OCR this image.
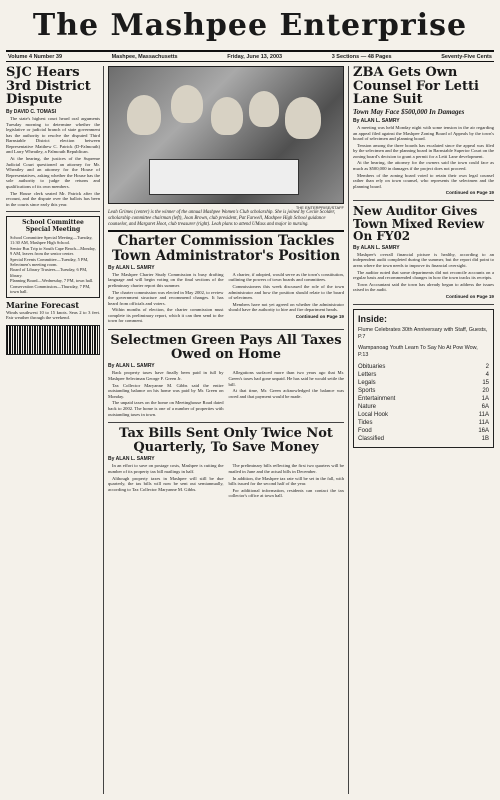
The Mashpee Enterprise
Volume 4 Number 39	Mashpee, Massachusetts	Friday, June 13, 2003	3 Sections — 48 Pages	Seventy-Five Cents
SJC Hears 3rd District Dispute
By DAVID C. TOMASI

The state's highest court heard oral arguments Tuesday morning to determine whether the legislative or judicial branch of state government has the authority to resolve the disputed Third Barnstable District election between Representative Matthew C. Patrick (D-Falmouth) and Larry Wheatley, a Falmouth Republican.

At the hearing, the justices of the Supreme Judicial Court questioned an attorney for Mr. Wheatley and an attorney for the House of Representatives, asking whether the House has the sole authority to judge the returns and qualifications of its own members.

The House clerk seated Mr. Patrick after the recount, and the dispute over the ballots has been in the courts since early this year.

School Committee Special Meeting
School Committee Special Meeting—Tuesday, 11:30 AM, Mashpee High School.
Senior Bus Trip to South Cape Beach—Monday, 9 AM, leaves from the senior center.
Special Events Committee—Tuesday, 5 PM, Selectmen's meeting room.
Board of Library Trustees—Tuesday, 6 PM, library.
Planning Board—Wednesday, 7 PM, town hall.
Conservation Commission—Thursday, 7 PM, town hall.
Marine Forecast
Winds southwest 10 to 15 knots. Seas 2 to 3 feet. Fair weather through the weekend.
THE ENTERPRISE/STAFF
Leah Grimes (center) is the winner of the annual Mashpee Women's Club scholarship. She is joined by Cecile Scolder, scholarship committee chairman (left), Joan Brown, club president, Pat Farwell, Mashpee High School guidance counselor, and Margaret Hoot, club treasurer (right). Leah plans to attend UMass and major in nursing.
Charter Commission Tackles Town Administrator's Position
By ALAN L. SAMRY

The Mashpee Charter Study Commission is busy drafting language and will begin voting on the final sections of the preliminary charter report this summer.

The charter commission was elected in May 2002, to review the government structure and recommend changes. It has heard from officials and voters.

Within months of election, the charter commission must complete its preliminary report, which it can then send to the town for comment.

A charter, if adopted, would serve as the town's constitution, outlining the powers of town boards and committees.

Commissioners this week discussed the role of the town administrator and how the position should relate to the board of selectmen.

Members have not yet agreed on whether the administrator should have the authority to hire and fire department heads.

Continued on Page 19
Selectmen Green Pays All Taxes Owed on Home
By ALAN L. SAMRY

Back property taxes have finally been paid in full by Mashpee Selectman George F. Green Jr.

Tax Collector Maryanne M. Gibbs said the entire outstanding balance on his home was paid by Mr. Green on Monday.

The unpaid taxes on the home on Meetinghouse Road dated back to 2002. The home is one of a number of properties with outstanding taxes in town.

Allegations surfaced more than two years ago that Mr. Green's taxes had gone unpaid. He has said he would settle the bill.

At that time, Mr. Green acknowledged the balance was owed and that payment would be made.

Tax Bills Sent Only Twice Not Quarterly, To Save Money
By ALAN L. SAMRY

In an effort to save on postage costs, Mashpee is cutting the number of its property tax bill mailings in half.

Although property taxes in Mashpee will still be due quarterly, the tax bills will now be sent out semiannually, according to Tax Collector Maryanne M. Gibbs.

The preliminary bills reflecting the first two quarters will be mailed in June and the actual bills in December.

In addition, the Mashpee tax rate will be set in the fall, with bills issued for the second half of the year.

For additional information, residents can contact the tax collector's office at town hall.

ZBA Gets Own Counsel For Letti Lane Suit
Town May Face $500,000 In Damages
By ALAN L. SAMRY

A meeting was held Monday night with some tension in the air regarding an appeal filed against the Mashpee Zoning Board of Appeals by the town's board of selectmen and planning board.

Tension among the three boards has escalated since the appeal was filed by the selectmen and the planning board in Barnstable Superior Court on the zoning board's decision to grant a permit for a Letti Lane development.

At the hearing, the attorney for the owners said the town could face as much as $500,000 in damages if the project does not proceed.

Members of the zoning board voted to retain their own legal counsel rather than rely on town counsel, who represents the selectmen and the planning board.

Continued on Page 19
New Auditor Gives Town Mixed Review On FY02
By ALAN L. SAMRY

Mashpee's overall financial picture is healthy, according to an independent audit completed during the summer, but the report did point to areas where the town needs to improve its financial oversight.

The auditor noted that some departments did not reconcile accounts on a regular basis and recommended changes in how the town tracks its receipts.

Town Accountant said the town has already begun to address the issues raised in the audit.

Continued on Page 19
Inside:
Flume Celebrates 30th Anniversary with Staff, Guests, P.7
Wampanoag Youth Learn To Say No At Pow Wow, P.13
Obituaries	2
Letters	4
Legals	15
Sports	20
Entertainment	1A
Nature	6A
Local Hook	11A
Tides	11A
Food	16A
Classified	1B
